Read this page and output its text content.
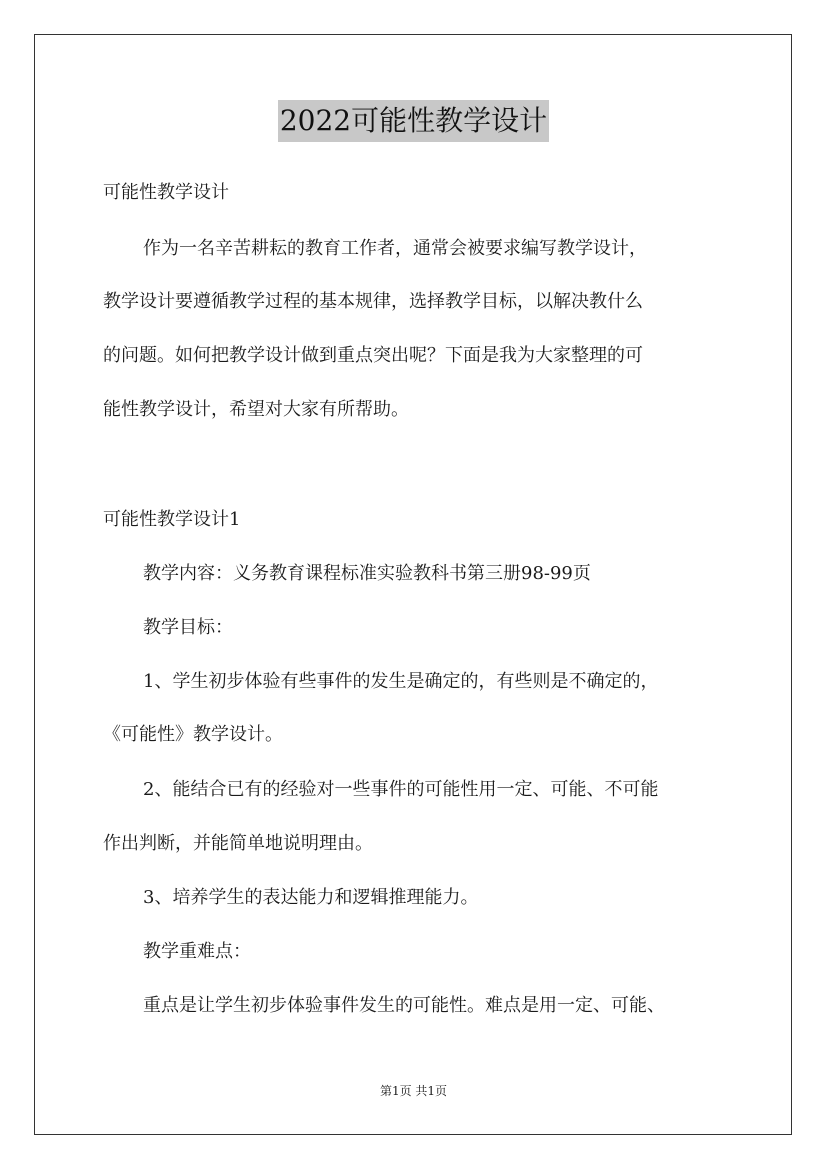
2022可能性教学设计

可能性教学设计

作为一名辛苦耕耘的教育工作者，通常会被要求编写教学设计，

教学设计要遵循教学过程的基本规律，选择教学目标，以解决教什么

的问题。如何把教学设计做到重点突出呢？下面是我为大家整理的可

能性教学设计，希望对大家有所帮助。

可能性教学设计1

教学内容：义务教育课程标准实验教科书第三册98-99页

教学目标：

1、学生初步体验有些事件的发生是确定的，有些则是不确定的，

《可能性》教学设计。

2、能结合已有的经验对一些事件的可能性用一定、可能、不可能

作出判断，并能简单地说明理由。

3、培养学生的表达能力和逻辑推理能力。

教学重难点：

重点是让学生初步体验事件发生的可能性。难点是用一定、可能、

第1页 共1页
